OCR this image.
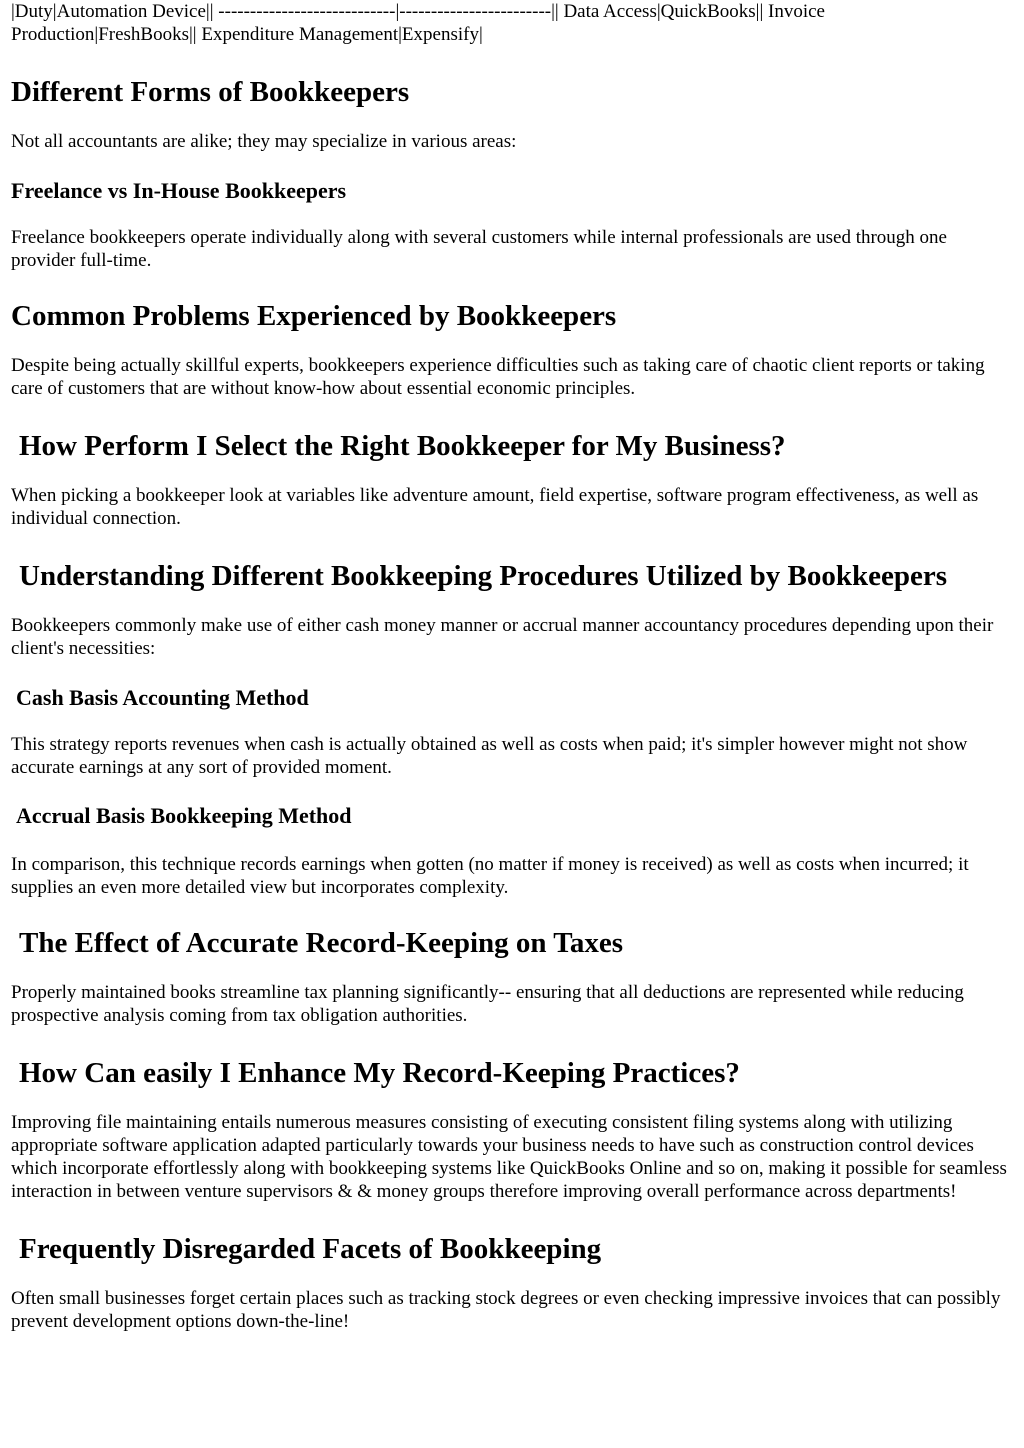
|Duty|Automation Device|| ----------------------------|------------------------|| Data Access|QuickBooks|| Invoice Production|FreshBooks|| Expenditure Management|Expensify|

Different Forms of Bookkeepers

Not all accountants are alike; they may specialize in various areas:

Freelance vs In-House Bookkeepers

Freelance bookkeepers operate individually along with several customers while internal professionals are used through one provider full-time.

Common Problems Experienced by Bookkeepers

Despite being actually skillful experts, bookkeepers experience difficulties such as taking care of chaotic client reports or taking care of customers that are without know-how about essential economic principles.

How Perform I Select the Right Bookkeeper for My Business?

When picking a bookkeeper look at variables like adventure amount, field expertise, software program effectiveness, as well as individual connection.

Understanding Different Bookkeeping Procedures Utilized by Bookkeepers

Bookkeepers commonly make use of either cash money manner or accrual manner accountancy procedures depending upon their client's necessities:

Cash Basis Accounting Method

This strategy reports revenues when cash is actually obtained as well as costs when paid; it's simpler however might not show accurate earnings at any sort of provided moment.

Accrual Basis Bookkeeping Method

In comparison, this technique records earnings when gotten (no matter if money is received) as well as costs when incurred; it supplies an even more detailed view but incorporates complexity.

The Effect of Accurate Record-Keeping on Taxes

Properly maintained books streamline tax planning significantly-- ensuring that all deductions are represented while reducing prospective analysis coming from tax obligation authorities.

How Can easily I Enhance My Record-Keeping Practices?

Improving file maintaining entails numerous measures consisting of executing consistent filing systems along with utilizing appropriate software application adapted particularly towards your business needs to have such as construction control devices which incorporate effortlessly along with bookkeeping systems like QuickBooks Online and so on, making it possible for seamless interaction in between venture supervisors & & money groups therefore improving overall performance across departments!

Frequently Disregarded Facets of Bookkeeping

Often small businesses forget certain places such as tracking stock degrees or even checking impressive invoices that can possibly prevent development options down-the-line!
